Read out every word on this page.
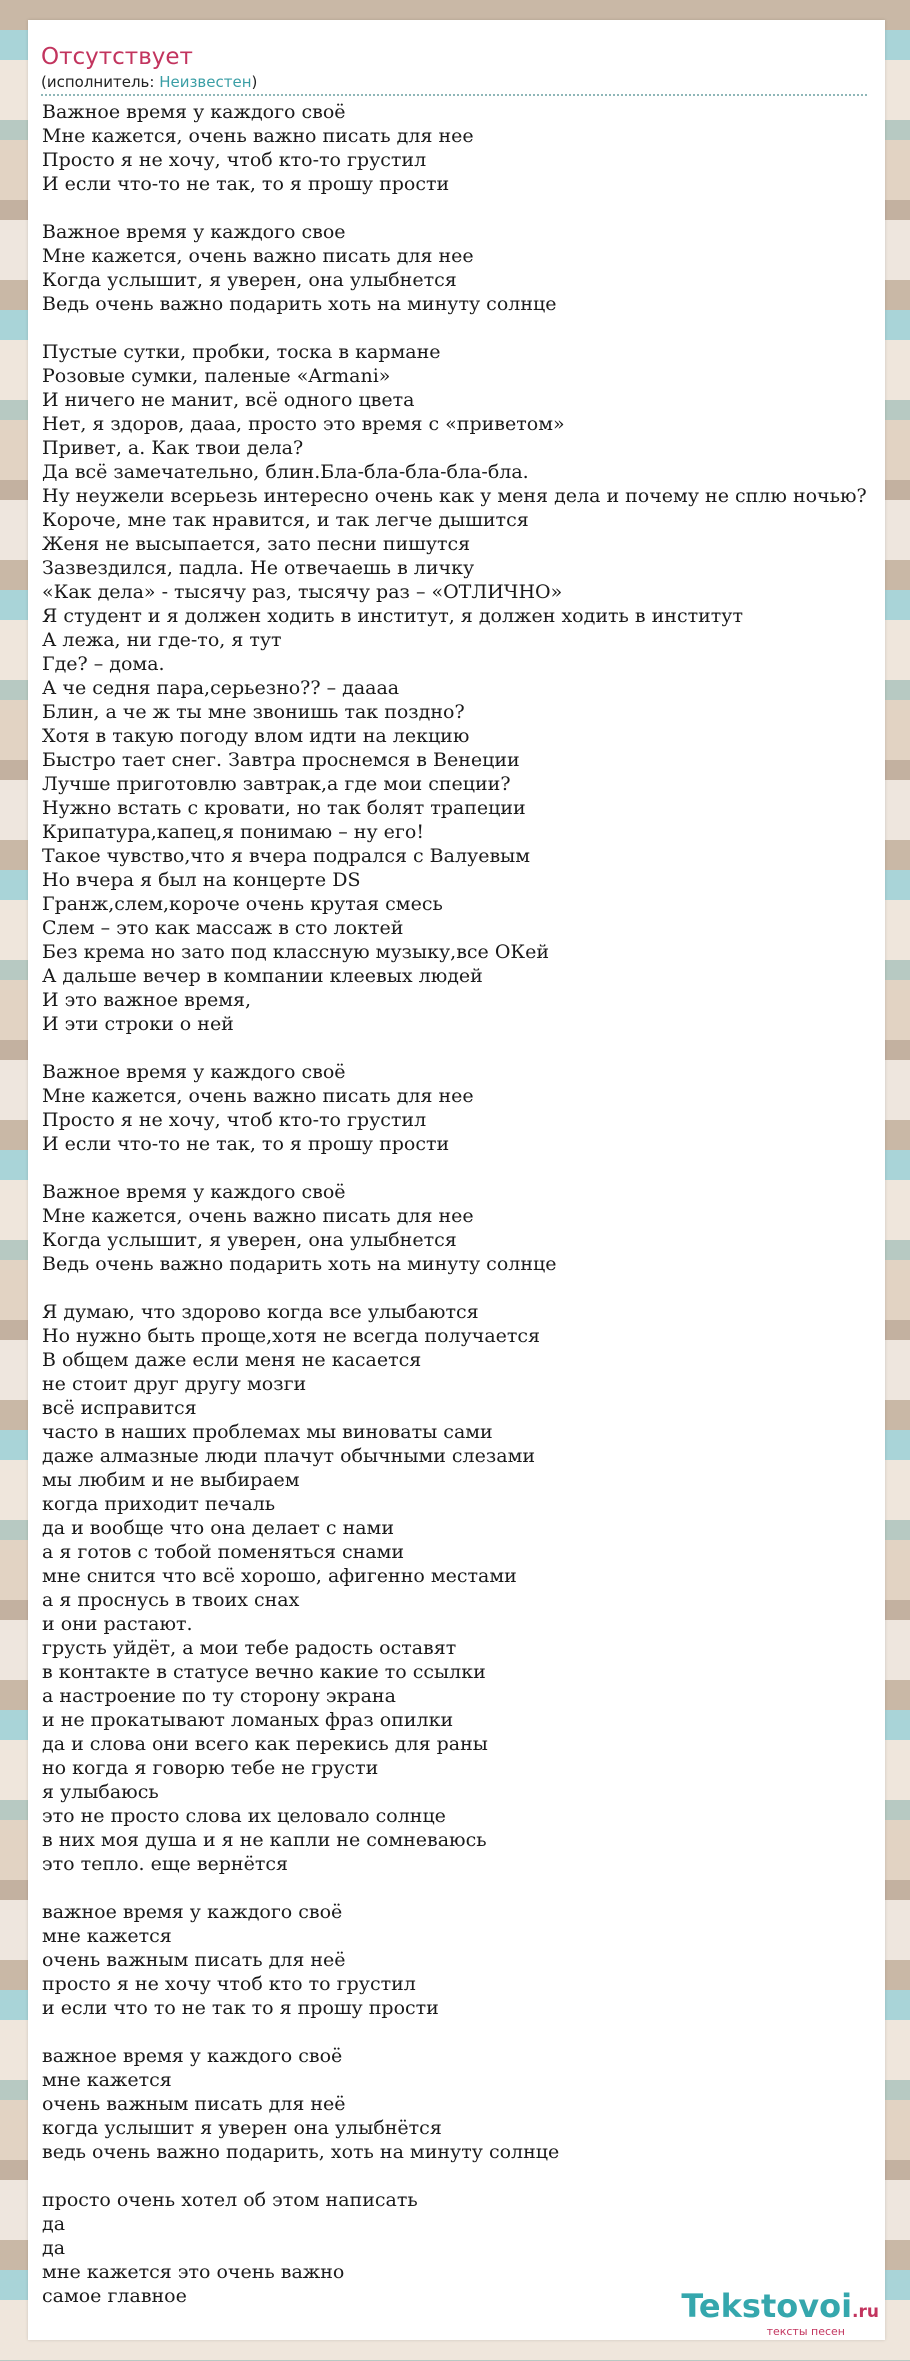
Отсутствует
(исполнитель: Неизвестен)
Важное время у каждого своё
Мне кажется, очень важно писать для нее
Просто я не хочу, чтоб кто-то грустил
И если что-то не так, то я прошу прости
Важное время у каждого свое
Мне кажется, очень важно писать для нее
Когда услышит, я уверен, она улыбнется
Ведь очень важно подарить хоть на минуту солнце
Пустые сутки, пробки, тоска в кармане
Розовые сумки, паленые «Armani»
И ничего не манит, всё одного цвета
Нет, я здоров, дааа, просто это время с «приветом»
Привет, а. Как твои дела?
Да всё замечательно, блин.Бла-бла-бла-бла-бла.
Ну неужели всерьезь интересно очень как у меня дела и почему не сплю ночью?
Короче, мне так нравится, и так легче дышится
Женя не высыпается, зато песни пишутся
Зазвездился, падла. Не отвечаешь в личку
«Как дела» - тысячу раз, тысячу раз – «ОТЛИЧНО»
Я студент и я должен ходить в институт, я должен ходить в институт
А лежа, ни где-то, я тут
Где? – дома.
А че седня пара,серьезно?? – даааа
Блин, а че ж ты мне звонишь так поздно?
Хотя в такую погоду влом идти на лекцию
Быстро тает снег. Завтра проснемся в Венеции
Лучше приготовлю завтрак,а где мои специи?
Нужно встать с кровати, но так болят трапеции
Крипатура,капец,я понимаю – ну его!
Такое чувство,что я вчера подрался с Валуевым
Но вчера я был на концерте DS
Гранж,слем,короче очень крутая смесь
Слем – это как массаж в сто локтей
Без крема но зато под классную музыку,все ОКей
А дальше вечер в компании клеевых людей
И это важное время,
И эти строки о ней
Важное время у каждого своё
Мне кажется, очень важно писать для нее
Просто я не хочу, чтоб кто-то грустил
И если что-то не так, то я прошу прости
Важное время у каждого своё
Мне кажется, очень важно писать для нее
Когда услышит, я уверен, она улыбнется
Ведь очень важно подарить хоть на минуту солнце
Я думаю, что здорово когда все улыбаются
Но нужно быть проще,хотя не всегда получается
В общем даже если меня не касается
не стоит друг другу мозги
всё исправится
часто в наших проблемах мы виноваты сами
даже алмазные люди плачут обычными слезами
мы любим и не выбираем
когда приходит печаль
да и вообще что она делает с нами
а я готов с тобой поменяться снами
мне снится что всё хорошо, афигенно местами
а я проснусь в твоих снах
и они растают.
грусть уйдёт, а мои тебе радость оставят
в контакте в статусе вечно какие то ссылки
а настроение по ту сторону экрана
и не прокатывают ломаных фраз опилки
да и слова они всего как перекись для раны
но когда я говорю тебе не грусти
я улыбаюсь
это не просто слова их целовало солнце
в них моя душа и я не капли не сомневаюсь
это тепло. еще вернётся
важное время у каждого своё
мне кажется
очень важным писать для неё
просто я не хочу чтоб кто то грустил
и если что то не так то я прошу прости
важное время у каждого своё
мне кажется
очень важным писать для неё
когда услышит я уверен она улыбнётся
ведь очень важно подарить, хоть на минуту солнце
просто очень хотел об этом написать
да
да
мне кажется это очень важно
самое главное	Tekstovoi.ru
тексты песен
